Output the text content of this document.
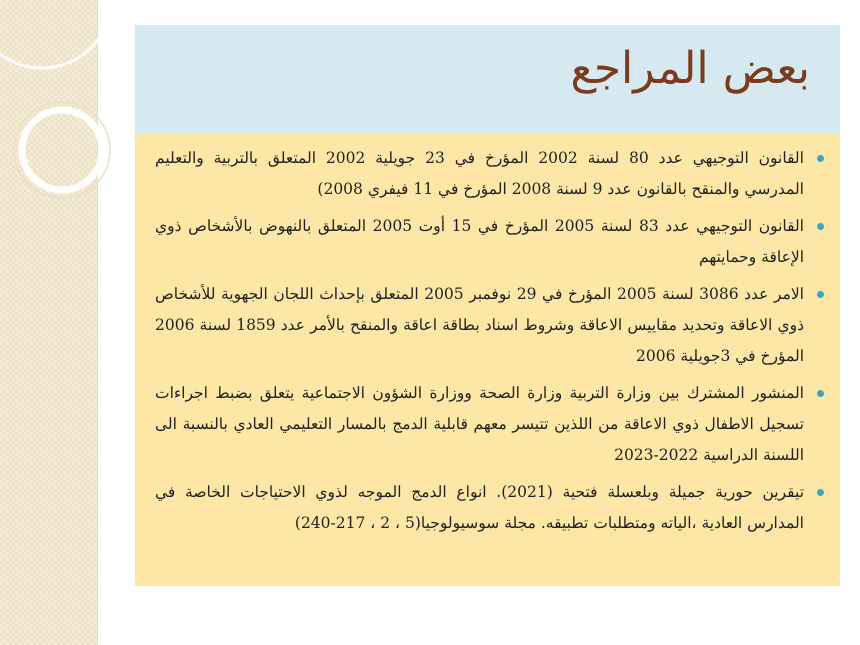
بعض المراجع
القانون التوجيهي عدد 80 لسنة 2002 المؤرخ في 23 جويلية 2002 المتعلق بالتربية والتعليم المدرسي والمنقح بالقانون عدد 9 لسنة 2008 المؤرخ في 11 فيفري 2008)
القانون التوجيهي عدد 83 لسنة 2005 المؤرخ في 15 أوت 2005 المتعلق بالنهوض بالأشخاص ذوي الإعاقة وحمايتهم
الامر عدد 3086 لسنة 2005 المؤرخ في 29 نوفمبر 2005 المتعلق بإحداث اللجان الجهوية للأشخاص ذوي الاعاقة وتحديد مقاييس الاعاقة وشروط اسناد بطاقة اعاقة والمنقح بالأمر عدد 1859 لسنة 2006 المؤرخ في 3جويلية 2006
المنشور المشترك بين وزارة التربية وزارة الصحة ووزارة الشؤون الاجتماعية يتعلق بضبط اجراءات تسجيل الاطفال ذوي الاعاقة من اللذين تتيسر معهم قابلية الدمج بالمسار التعليمي العادي بالنسبة الى اللسنة الدراسية 2022-2023
تيقرين حورية جميلة وبلعسلة فتحية (2021). انواع الدمج الموجه لذوي الاحتياجات الخاصة في المدارس العادية ،الياته ومتطلبات تطبيقه. مجلة سوسيولوجيا(5 ، 2 ، 217-240)
